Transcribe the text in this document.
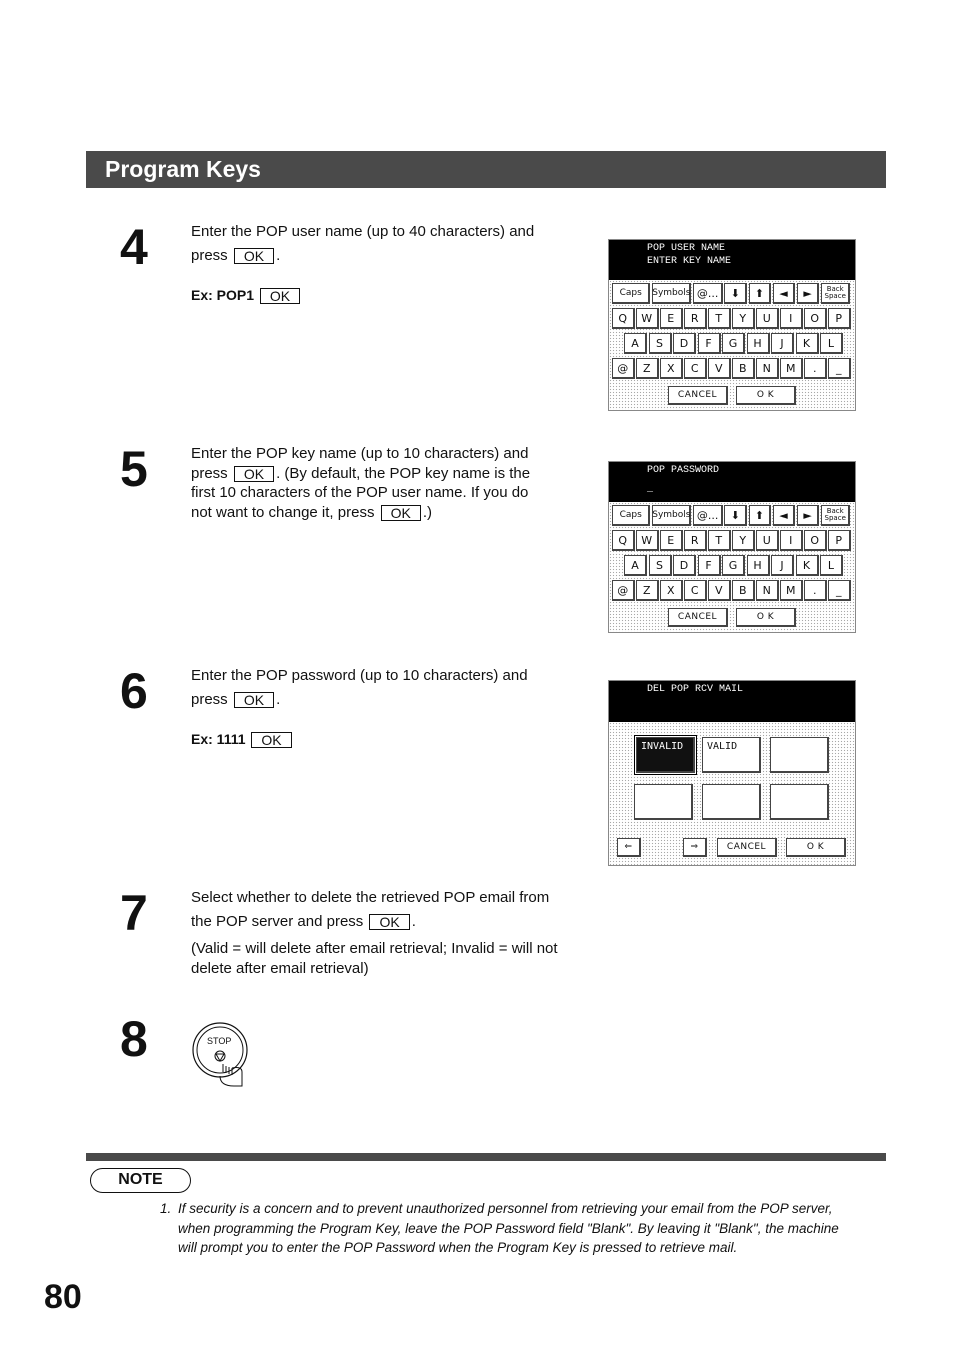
Program Keys
4	Enter the POP user name (up to 40 characters) and
press OK .
Ex: POP1 OK
POP USER NAME
ENTER KEY NAME
Caps	Symbols @...	⬇	⬆	◄	►	Back Space
Q	W	E	R	T	Y	U	I	O	P
A	S	D	F	G	H	J	K	L
@	Z	X	C	V	B	N	M	.	_
CANCEL	O K
5	Enter the POP key name (up to 10 characters) and
press OK . (By default, the POP key name is the
first 10 characters of the POP user name. If you do
not want to change it, press OK .)
POP PASSWORD
_
Caps	Symbols @...	⬇	⬆	◄	►	Back Space
Q	W	E	R	T	Y	U	I	O	P
A	S	D	F	G	H	J	K	L
@	Z	X	C	V	B	N	M	.	_
CANCEL	O K
6	Enter the POP password (up to 10 characters) and
press OK .
Ex: 1111 OK
DEL POP RCV MAIL
INVALID	VALID
⇐	⇒	CANCEL	O K
7	Select whether to delete the retrieved POP email from
the POP server and press OK .
(Valid = will delete after email retrieval; Invalid = will not
delete after email retrieval)
8	STOP
NOTE
1. If security is a concern and to prevent unauthorized personnel from retrieving your email from the POP server,
when programming the Program Key, leave the POP Password field "Blank". By leaving it "Blank", the machine
will prompt you to enter the POP Password when the Program Key is pressed to retrieve mail.
80
